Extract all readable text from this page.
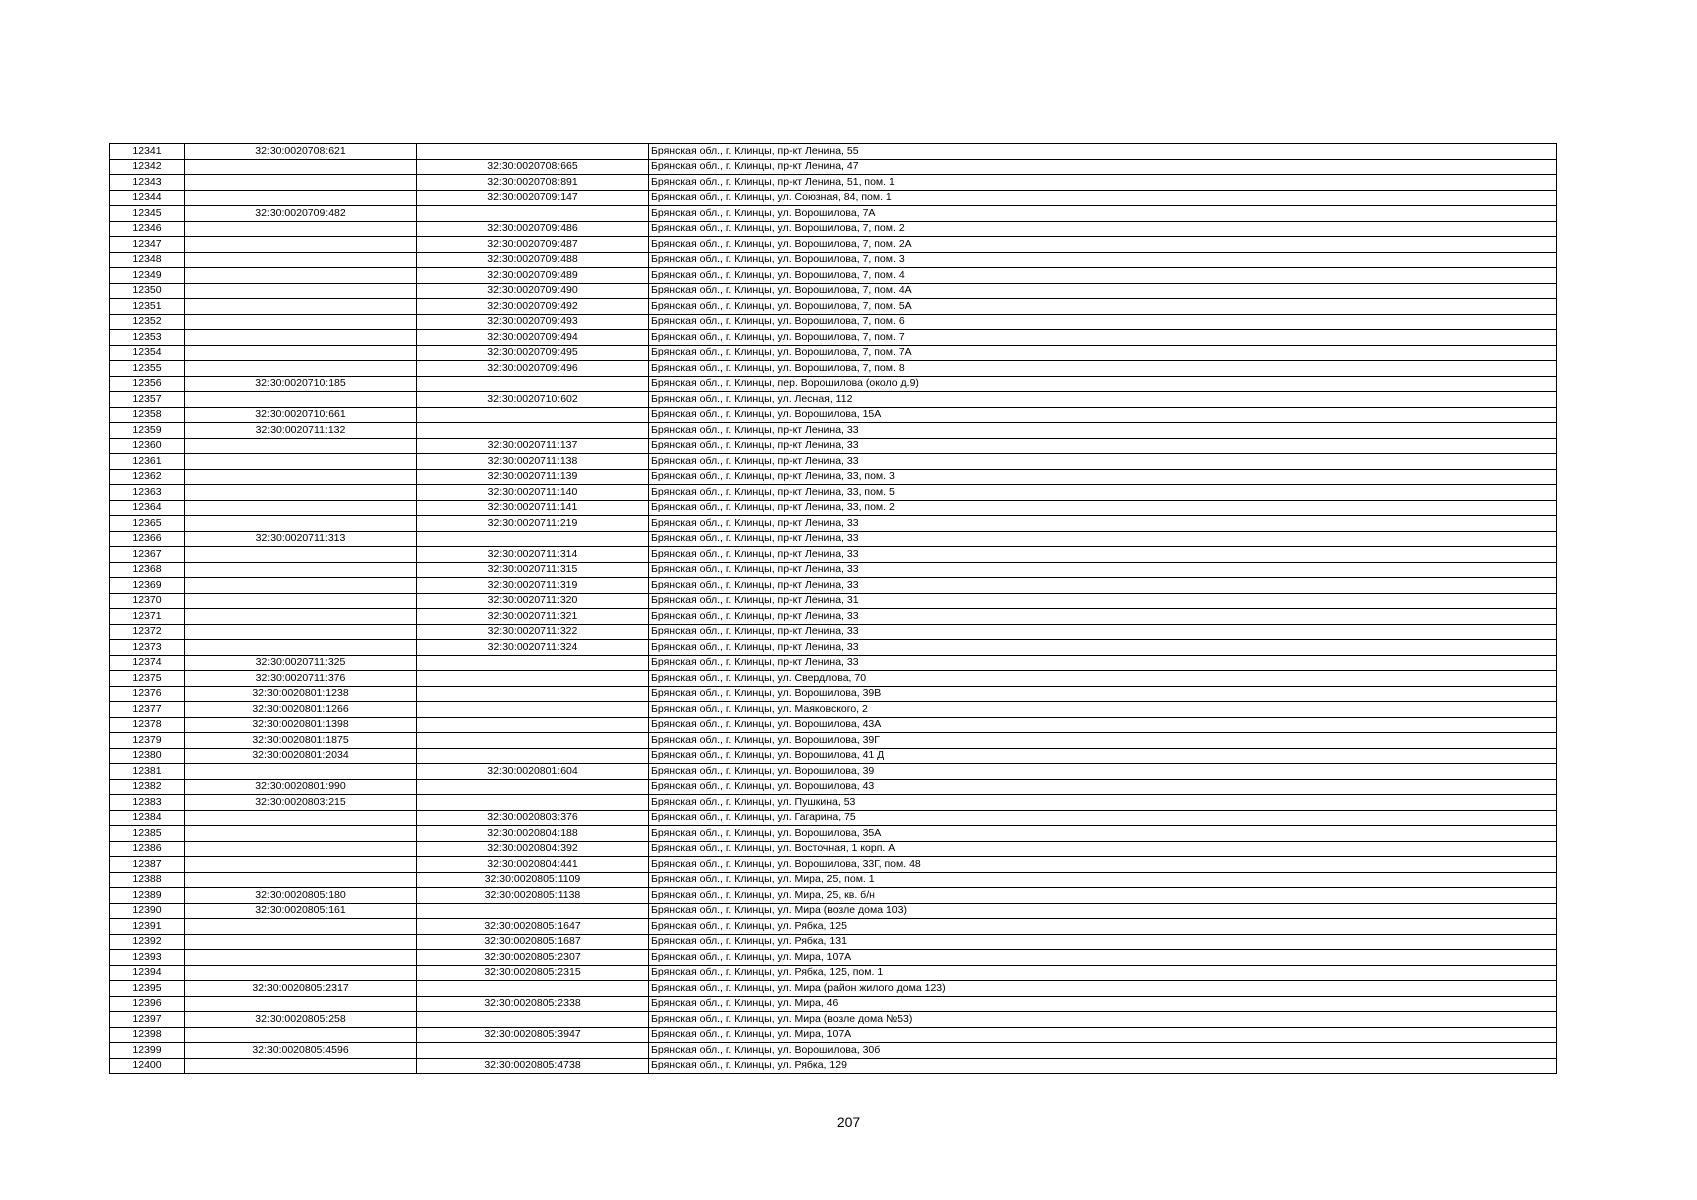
12341	32:30:0020708:621		Брянская обл., г. Клинцы, пр-кт Ленина, 55
12342		32:30:0020708:665	Брянская обл., г. Клинцы, пр-кт Ленина, 47
12343		32:30:0020708:891	Брянская обл., г. Клинцы, пр-кт Ленина, 51, пом. 1
12344		32:30:0020709:147	Брянская обл., г. Клинцы, ул. Союзная, 84, пом. 1
12345	32:30:0020709:482		Брянская обл., г. Клинцы, ул. Ворошилова, 7А
12346		32:30:0020709:486	Брянская обл., г. Клинцы, ул. Ворошилова, 7, пом. 2
12347		32:30:0020709:487	Брянская обл., г. Клинцы, ул. Ворошилова, 7, пом. 2А
12348		32:30:0020709:488	Брянская обл., г. Клинцы, ул. Ворошилова, 7, пом. 3
12349		32:30:0020709:489	Брянская обл., г. Клинцы, ул. Ворошилова, 7, пом. 4
12350		32:30:0020709:490	Брянская обл., г. Клинцы, ул. Ворошилова, 7, пом. 4А
12351		32:30:0020709:492	Брянская обл., г. Клинцы, ул. Ворошилова, 7, пом. 5А
12352		32:30:0020709:493	Брянская обл., г. Клинцы, ул. Ворошилова, 7, пом. 6
12353		32:30:0020709:494	Брянская обл., г. Клинцы, ул. Ворошилова, 7, пом. 7
12354		32:30:0020709:495	Брянская обл., г. Клинцы, ул. Ворошилова, 7, пом. 7А
12355		32:30:0020709:496	Брянская обл., г. Клинцы, ул. Ворошилова, 7, пом. 8
12356	32:30:0020710:185		Брянская обл., г. Клинцы, пер. Ворошилова (около д.9)
12357		32:30:0020710:602	Брянская обл., г. Клинцы, ул. Лесная, 112
12358	32:30:0020710:661		Брянская обл., г. Клинцы, ул. Ворошилова, 15А
12359	32:30:0020711:132		Брянская обл., г. Клинцы, пр-кт Ленина, 33
12360		32:30:0020711:137	Брянская обл., г. Клинцы, пр-кт Ленина, 33
12361		32:30:0020711:138	Брянская обл., г. Клинцы, пр-кт Ленина, 33
12362		32:30:0020711:139	Брянская обл., г. Клинцы, пр-кт Ленина, 33, пом. 3
12363		32:30:0020711:140	Брянская обл., г. Клинцы, пр-кт Ленина, 33, пом. 5
12364		32:30:0020711:141	Брянская обл., г. Клинцы, пр-кт Ленина, 33, пом. 2
12365		32:30:0020711:219	Брянская обл., г. Клинцы, пр-кт Ленина, 33
12366	32:30:0020711:313		Брянская обл., г. Клинцы, пр-кт Ленина, 33
12367		32:30:0020711:314	Брянская обл., г. Клинцы, пр-кт Ленина, 33
12368		32:30:0020711:315	Брянская обл., г. Клинцы, пр-кт Ленина, 33
12369		32:30:0020711:319	Брянская обл., г. Клинцы, пр-кт Ленина, 33
12370		32:30:0020711:320	Брянская обл., г. Клинцы, пр-кт Ленина, 31
12371		32:30:0020711:321	Брянская обл., г. Клинцы, пр-кт Ленина, 33
12372		32:30:0020711:322	Брянская обл., г. Клинцы, пр-кт Ленина, 33
12373		32:30:0020711:324	Брянская обл., г. Клинцы, пр-кт Ленина, 33
12374	32:30:0020711:325		Брянская обл., г. Клинцы, пр-кт Ленина, 33
12375	32:30:0020711:376		Брянская обл., г. Клинцы, ул. Свердлова, 70
12376	32:30:0020801:1238		Брянская обл., г. Клинцы, ул. Ворошилова, 39В
12377	32:30:0020801:1266		Брянская обл., г. Клинцы, ул. Маяковского, 2
12378	32:30:0020801:1398		Брянская обл., г. Клинцы, ул. Ворошилова, 43А
12379	32:30:0020801:1875		Брянская обл., г. Клинцы, ул. Ворошилова, 39Г
12380	32:30:0020801:2034		Брянская обл., г. Клинцы, ул. Ворошилова, 41 Д
12381		32:30:0020801:604	Брянская обл., г. Клинцы, ул. Ворошилова, 39
12382	32:30:0020801:990		Брянская обл., г. Клинцы, ул. Ворошилова, 43
12383	32:30:0020803:215		Брянская обл., г. Клинцы, ул. Пушкина, 53
12384		32:30:0020803:376	Брянская обл., г. Клинцы, ул. Гагарина, 75
12385		32:30:0020804:188	Брянская обл., г. Клинцы, ул. Ворошилова, 35А
12386		32:30:0020804:392	Брянская обл., г. Клинцы, ул. Восточная, 1 корп. А
12387		32:30:0020804:441	Брянская обл., г. Клинцы, ул. Ворошилова, 33Г, пом. 48
12388		32:30:0020805:1109	Брянская обл., г. Клинцы, ул. Мира, 25, пом. 1
12389	32:30:0020805:180	32:30:0020805:1138	Брянская обл., г. Клинцы, ул. Мира, 25, кв. б/н
12390	32:30:0020805:161		Брянская обл., г. Клинцы, ул. Мира (возле дома 103)
12391		32:30:0020805:1647	Брянская обл., г. Клинцы, ул. Рябка, 125
12392		32:30:0020805:1687	Брянская обл., г. Клинцы, ул. Рябка, 131
12393		32:30:0020805:2307	Брянская обл., г. Клинцы, ул. Мира, 107А
12394		32:30:0020805:2315	Брянская обл., г. Клинцы, ул. Рябка, 125, пом. 1
12395	32:30:0020805:2317		Брянская обл., г. Клинцы, ул. Мира (район жилого дома 123)
12396		32:30:0020805:2338	Брянская обл., г. Клинцы, ул. Мира, 46
12397	32:30:0020805:258		Брянская обл., г. Клинцы, ул. Мира (возле дома №53)
12398		32:30:0020805:3947	Брянская обл., г. Клинцы, ул. Мира, 107А
12399	32:30:0020805:4596		Брянская обл., г. Клинцы, ул. Ворошилова, 30б
12400		32:30:0020805:4738	Брянская обл., г. Клинцы, ул. Рябка, 129
207
